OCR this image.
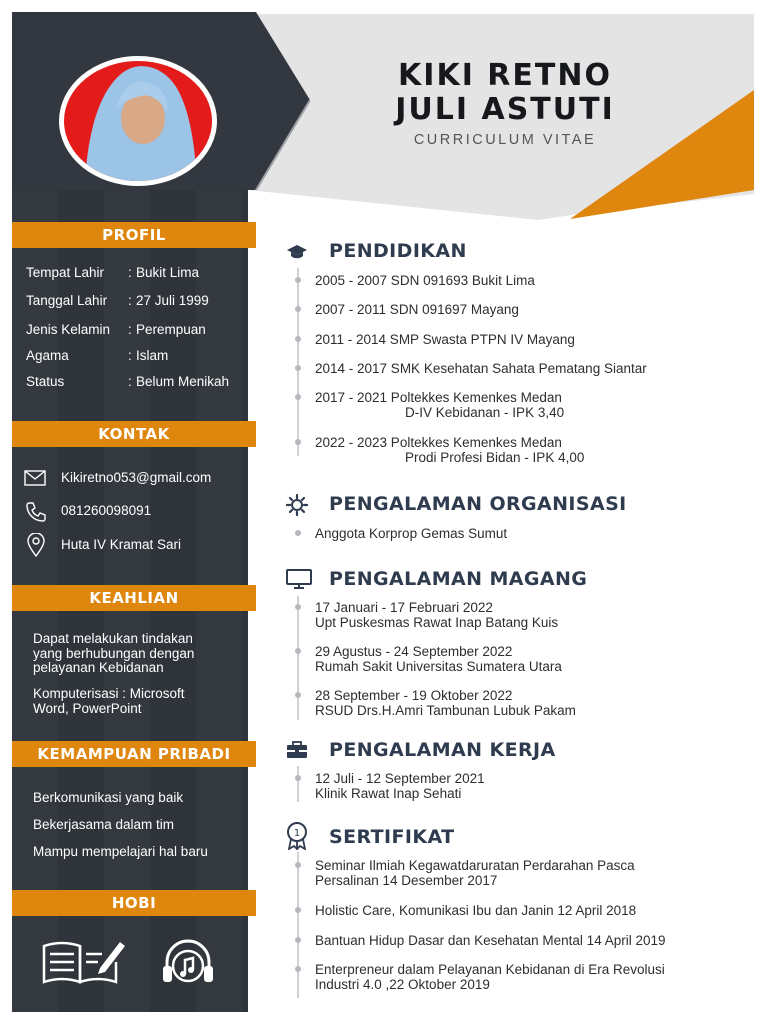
PROFIL
Tempat Lahir	: Bukit Lima
Tanggal Lahir	: 27 Juli 1999
Jenis Kelamin	: Perempuan
Agama	: Islam
Status	: Belum Menikah
KONTAK
Kikiretno053@gmail.com
081260098091
Huta IV Kramat Sari
KEAHLIAN
Dapat melakukan tindakan
yang berhubungan dengan
pelayanan Kebidanan
Komputerisasi : Microsoft
Word, PowerPoint
KEMAMPUAN PRIBADI
Berkomunikasi yang baik
Bekerjasama dalam tim
Mampu mempelajari hal baru
HOBI
KIKI RETNO
JULI ASTUTI
CURRICULUM VITAE
PENDIDIKAN
2005 - 2007 SDN 091693 Bukit Lima
2007 - 2011 SDN 091697 Mayang
2011 - 2014 SMP Swasta PTPN IV Mayang
2014 - 2017 SMK Kesehatan Sahata Pematang Siantar
2017 - 2021 Poltekkes Kemenkes Medan
D-IV Kebidanan - IPK 3,40
2022 - 2023 Poltekkes Kemenkes Medan
Prodi Profesi Bidan - IPK 4,00
PENGALAMAN ORGANISASI
Anggota Korprop Gemas Sumut
PENGALAMAN MAGANG
17 Januari - 17 Februari 2022
Upt Puskesmas Rawat Inap Batang Kuis
29 Agustus - 24 September 2022
Rumah Sakit Universitas Sumatera Utara
28 September - 19 Oktober 2022
RSUD Drs.H.Amri Tambunan Lubuk Pakam
PENGALAMAN KERJA
12 Juli - 12 September 2021
Klinik Rawat Inap Sehati
1 SERTIFIKAT
Seminar Ilmiah Kegawatdaruratan Perdarahan Pasca
Persalinan 14 Desember 2017
Holistic Care, Komunikasi Ibu dan Janin 12 April 2018
Bantuan Hidup Dasar dan Kesehatan Mental 14 April 2019
Enterpreneur dalam Pelayanan Kebidanan di Era Revolusi
Industri 4.0 ,22 Oktober 2019
